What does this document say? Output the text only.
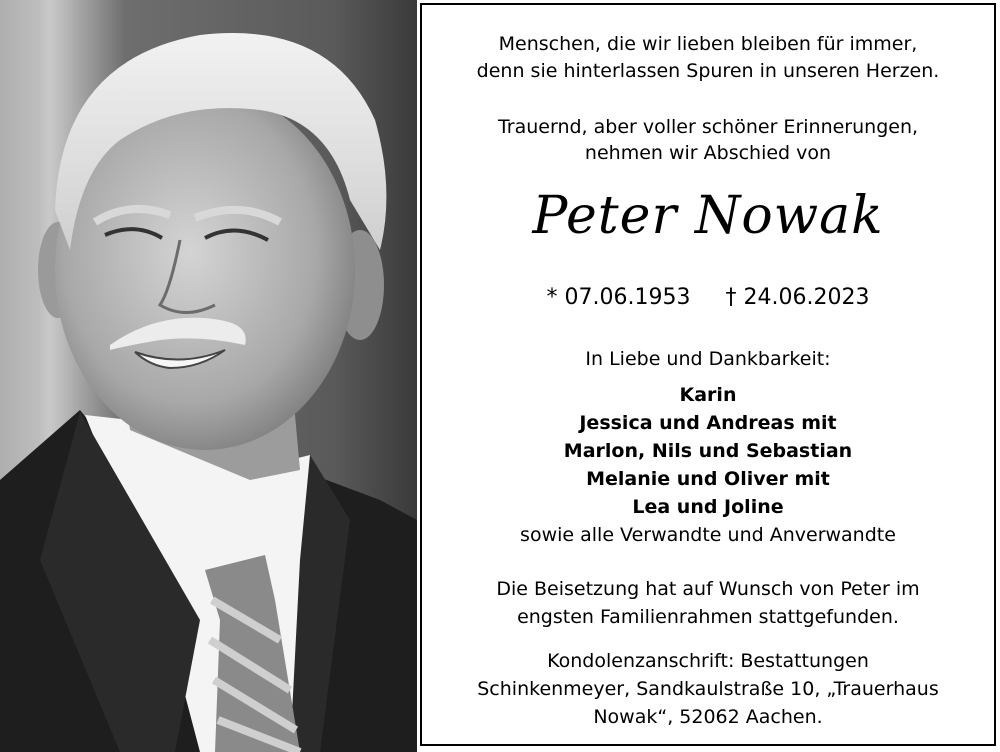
Menschen, die wir lieben bleiben für immer,
denn sie hinterlassen Spuren in unseren Herzen.
Trauernd, aber voller schöner Erinnerungen,
nehmen wir Abschied von
Peter Nowak
* 07.06.1953 † 24.06.2023
In Liebe und Dankbarkeit:
Karin
Jessica und Andreas mit
Marlon, Nils und Sebastian
Melanie und Oliver mit
Lea und Joline
sowie alle Verwandte und Anverwandte
Die Beisetzung hat auf Wunsch von Peter im
engsten Familienrahmen stattgefunden.
Kondolenzanschrift: Bestattungen
Schinkenmeyer, Sandkaulstraße 10, „Trauerhaus
Nowak“, 52062 Aachen.
